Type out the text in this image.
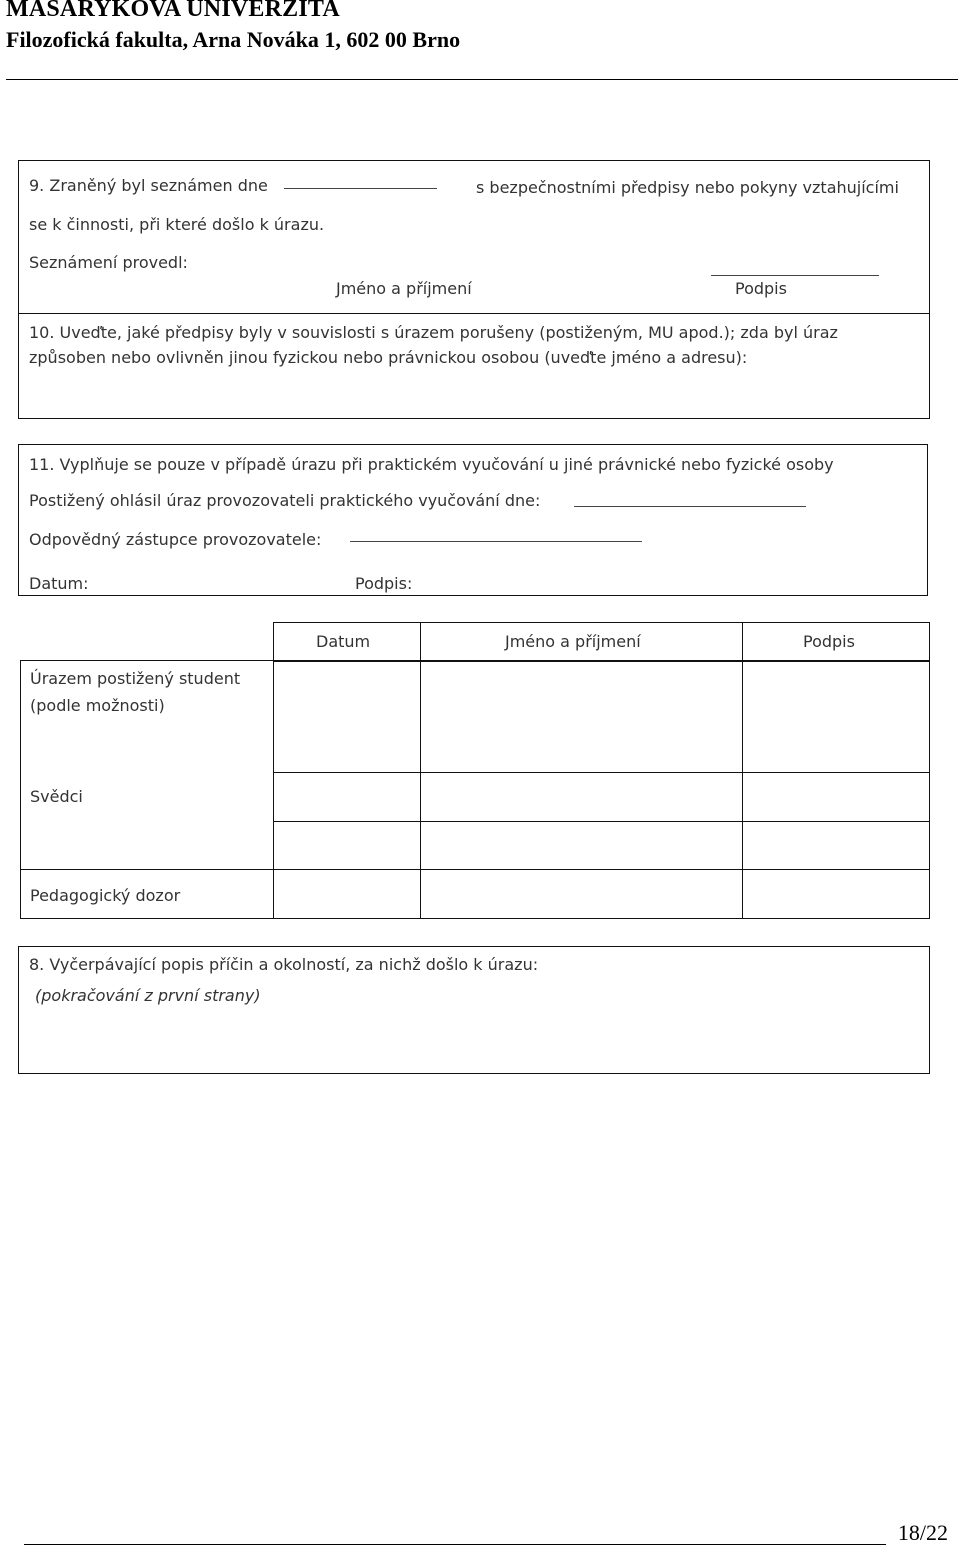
MASARYKOVA UNIVERZITA
Filozofická fakulta, Arna Nováka 1, 602 00 Brno
9. Zraněný byl seznámen dne	s bezpečnostními předpisy nebo pokyny vztahujícími
se k činnosti, při které došlo k úrazu.
Seznámení provedl:
Jméno a příjmení	Podpis
10. Uveďte, jaké předpisy byly v souvislosti s úrazem porušeny (postiženým, MU apod.); zda byl úraz
způsoben nebo ovlivněn jinou fyzickou nebo právnickou osobou (uveďte jméno a adresu):
11. Vyplňuje se pouze v případě úrazu při praktickém vyučování u jiné právnické nebo fyzické osoby
Postižený ohlásil úraz provozovateli praktického vyučování dne:
Odpovědný zástupce provozovatele:
Datum:	Podpis:
Datum	Jméno a příjmení	Podpis
Úrazem postižený student
(podle možnosti)
Svědci
Pedagogický dozor
8. Vyčerpávající popis příčin a okolností, za nichž došlo k úrazu:
(pokračování z první strany)
18/22
